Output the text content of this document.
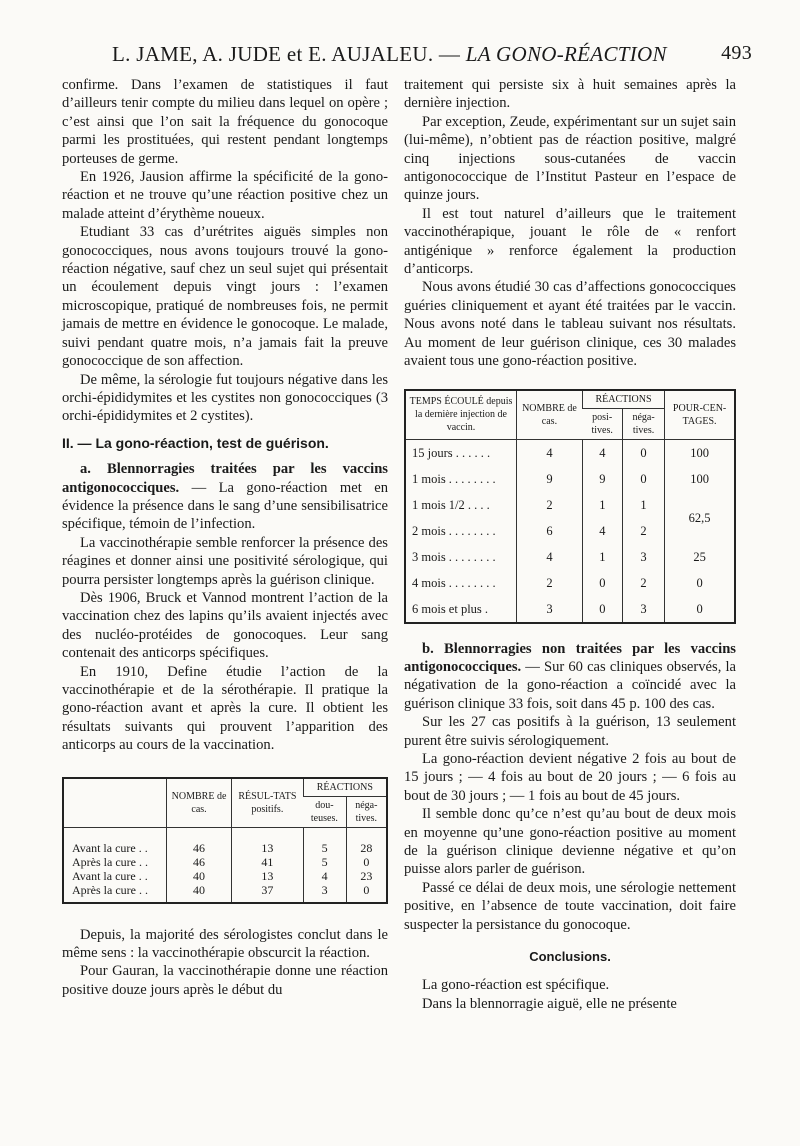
L. JAME, A. JUDE et E. AUJALEU. — LA GONO-RÉACTION	493

confirme. Dans l’examen de statistiques il faut d’ailleurs tenir compte du milieu dans lequel on opère ; c’est ainsi que l’on sait la fréquence du gonocoque parmi les prostituées, qui restent pendant longtemps porteuses de germe.

En 1926, Jausion affirme la spécificité de la gono-réaction et ne trouve qu’une réaction positive chez un malade atteint d’érythème noueux.

Etudiant 33 cas d’urétrites aiguës simples non gonococciques, nous avons toujours trouvé la gono-réaction négative, sauf chez un seul sujet qui présentait un écoulement depuis vingt jours : l’examen microscopique, pratiqué de nombreuses fois, ne permit jamais de mettre en évidence le gonocoque. Le malade, suivi pendant quatre mois, n’a jamais fait la preuve gonococcique de son affection.

De même, la sérologie fut toujours négative dans les orchi-épididymites et les cystites non gonococciques (3 orchi-épididymites et 2 cystites).

II. — La gono-réaction, test de guérison.

a. Blennorragies traitées par les vaccins antigonococciques. — La gono-réaction met en évidence la présence dans le sang d’une sensibilisatrice spécifique, témoin de l’infection.

La vaccinothérapie semble renforcer la présence des réagines et donner ainsi une positivité sérologique, qui pourra persister longtemps après la guérison clinique.

Dès 1906, Bruck et Vannod montrent l’action de la vaccination chez des lapins qu’ils avaient injectés avec des nucléo-protéides de gonocoques. Leur sang contenait des anticorps spécifiques.

En 1910, Define étudie l’action de la vaccinothérapie et de la sérothérapie. Il pratique la gono-réaction avant et après la cure. Il obtient les résultats suivants qui prouvent l’apparition des anticorps au cours de la vaccination.

	NOMBRE de cas.	RÉSUL-TATS positifs.	RÉACTIONS	
			dou-teuses.	néga-tives.
Avant la cure . .	46	13	5	28
Après la cure . .	46	41	5	0
Avant la cure . .	40	13	4	23
Après la cure . .	40	37	3	0

Depuis, la majorité des sérologistes conclut dans le même sens : la vaccinothérapie obscurcit la réaction.

Pour Gauran, la vaccinothérapie donne une réaction positive douze jours après le début du

traitement qui persiste six à huit semaines après la dernière injection.

Par exception, Zeude, expérimentant sur un sujet sain (lui-même), n’obtient pas de réaction positive, malgré cinq injections sous-cutanées de vaccin antigonococcique de l’Institut Pasteur en l’espace de quinze jours.

Il est tout naturel d’ailleurs que le traitement vaccinothérapique, jouant le rôle de « renfort antigénique » renforce également la production d’anticorps.

Nous avons étudié 30 cas d’affections gonococciques guéries cliniquement et ayant été traitées par le vaccin. Nous avons noté dans le tableau suivant nos résultats. Au moment de leur guérison clinique, ces 30 malades avaient tous une gono-réaction positive.

TEMPS ÉCOULÉ depuis la dernière injection de vaccin.	NOMBRE de cas.	RÉACTIONS		POUR-CEN-TAGES.
		posi-tives.	néga-tives.	
15 jours . . . . . .	4	4	0	100
1 mois . . . . . . . .	9	9	0	100
1 mois 1/2 . . . .	2	1	1	62,5
2 mois . . . . . . . .	6	4	2	
3 mois . . . . . . . .	4	1	3	25
4 mois . . . . . . . .	2	0	2	0
6 mois et plus .	3	0	3	0

b. Blennorragies non traitées par les vaccins antigonococciques. — Sur 60 cas cliniques observés, la négativation de la gono-réaction a coïncidé avec la guérison clinique 33 fois, soit dans 45 p. 100 des cas.

Sur les 27 cas positifs à la guérison, 13 seulement purent être suivis sérologiquement.

La gono-réaction devient négative 2 fois au bout de 15 jours ; — 4 fois au bout de 20 jours ; — 6 fois au bout de 30 jours ; — 1 fois au bout de 45 jours.

Il semble donc qu’ce n’est qu’au bout de deux mois en moyenne qu’une gono-réaction positive au moment de la guérison clinique devienne négative et qu’on puisse alors parler de guérison.

Passé ce délai de deux mois, une sérologie nettement positive, en l’absence de toute vaccination, doit faire suspecter la persistance du gonocoque.

Conclusions.

La gono-réaction est spécifique.

Dans la blennorragie aiguë, elle ne présente
